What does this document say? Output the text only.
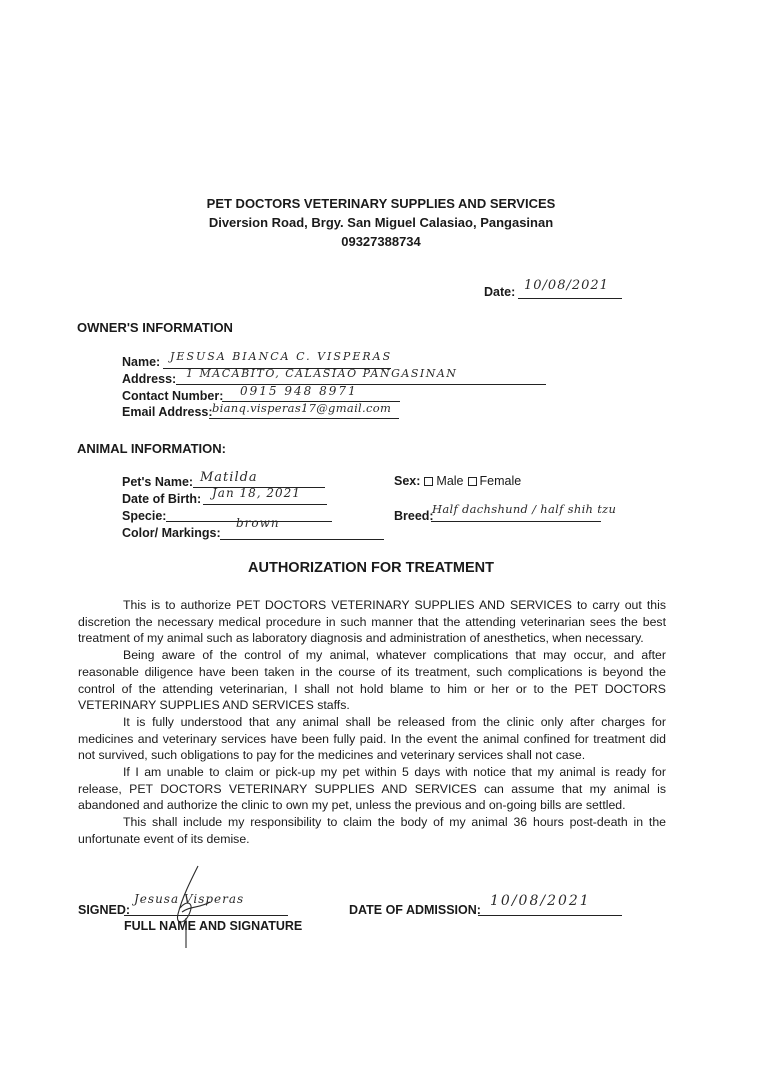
PET DOCTORS VETERINARY SUPPLIES AND SERVICES
Diversion Road, Brgy. San Miguel Calasiao, Pangasinan
09327388734
Date: 10/08/2021
OWNER'S INFORMATION
Name: JESUSA BIANCA C. VISPERAS
Address: 1 MACABITO, CALASIAO PANGASINAN
Contact Number: 0915 948 8971
Email Address: bianq.visperas17@gmail.com
ANIMAL INFORMATION:
Pet's Name: Matilda
Date of Birth: Jan 18, 2021
Specie:
Color/ Markings:
brown
Sex: Male Female
Breed:
Half dachshund / half shih tzu
AUTHORIZATION FOR TREATMENT

This is to authorize PET DOCTORS VETERINARY SUPPLIES AND SERVICES to carry out this discretion the necessary medical procedure in such manner that the attending veterinarian sees the best treatment of my animal such as laboratory diagnosis and administration of anesthetics, when necessary.

Being aware of the control of my animal, whatever complications that may occur, and after reasonable diligence have been taken in the course of its treatment, such complications is beyond the control of the attending veterinarian, I shall not hold blame to him or her or to the PET DOCTORS VETERINARY SUPPLIES AND SERVICES staffs.

It is fully understood that any animal shall be released from the clinic only after charges for medicines and veterinary services have been fully paid. In the event the animal confined for treatment did not survived, such obligations to pay for the medicines and veterinary services shall not case.

If I am unable to claim or pick-up my pet within 5 days with notice that my animal is ready for release, PET DOCTORS VETERINARY SUPPLIES AND SERVICES can assume that my animal is abandoned and authorize the clinic to own my pet, unless the previous and on-going bills are settled.

This shall include my responsibility to claim the body of my animal 36 hours post-death in the unfortunate event of its demise.

SIGNED:
Jesusa Visperas
FULL NAME AND SIGNATURE
DATE OF ADMISSION:
10/08/2021
